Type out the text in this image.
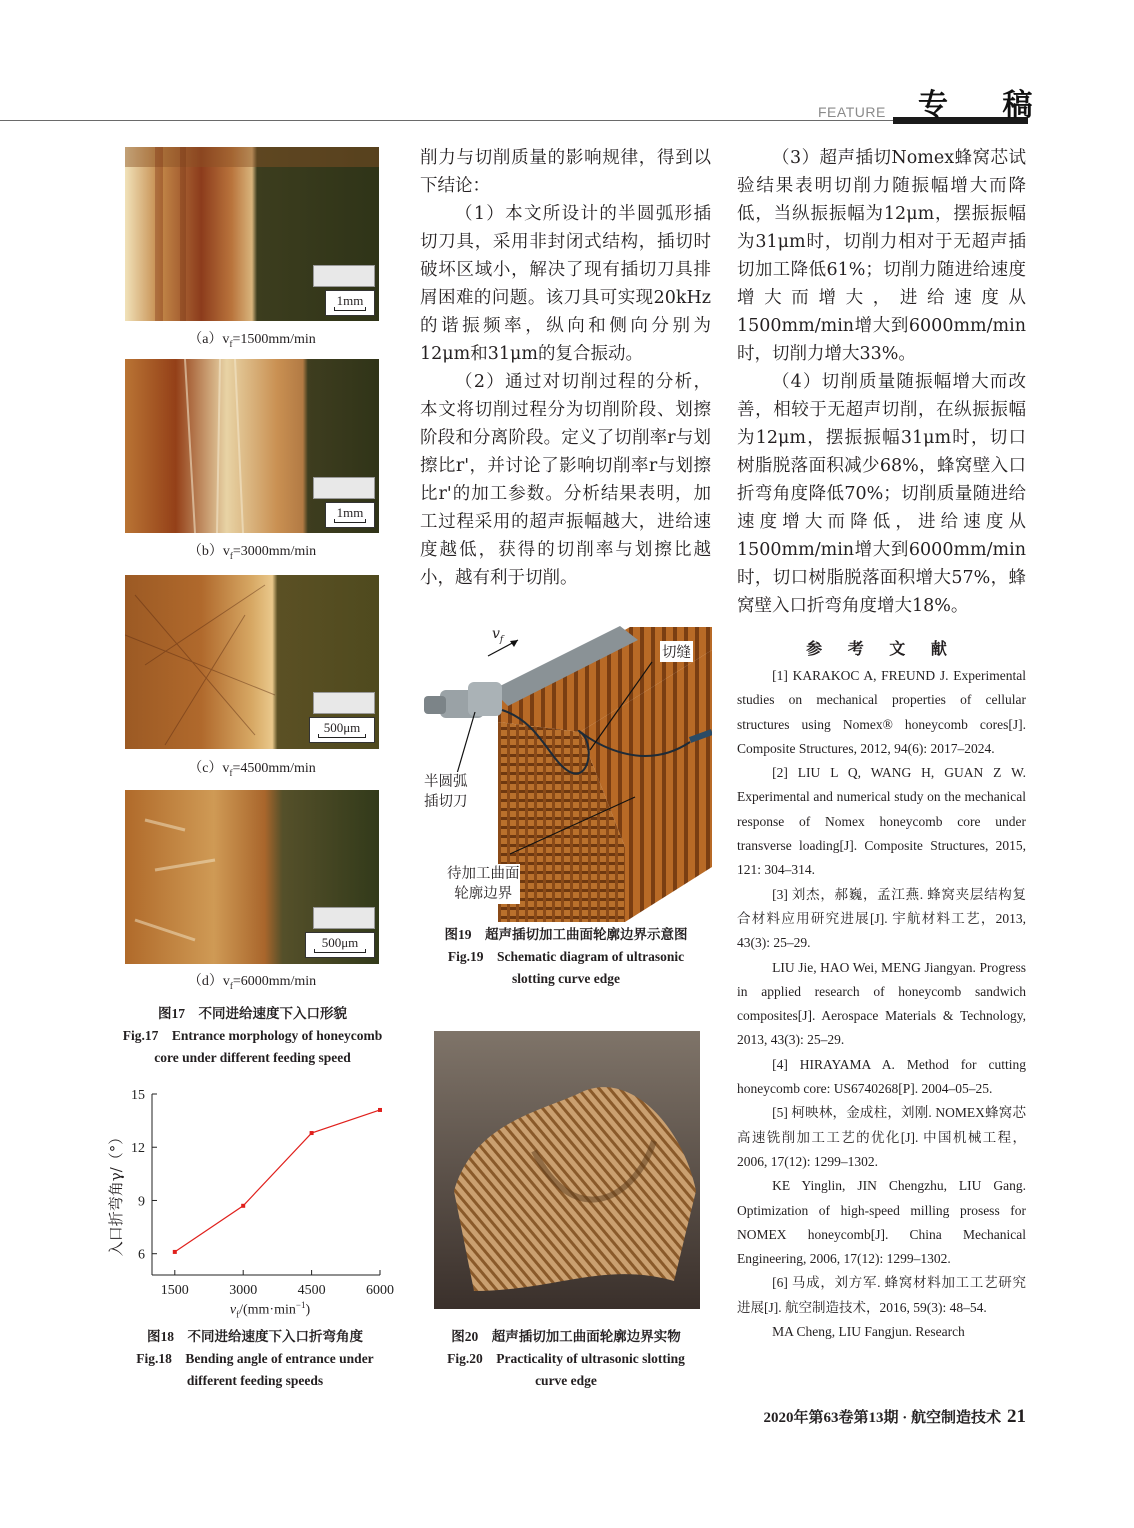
FEATURE 专 稿
1mm
$(a)v_f=1500mm/\min$
1mm
$(b)v_f=3000mm/\min$
500μm
$(c)v_f=4500mm/\min$
500μm
$(d)v_f=6000mm/\min$
图17　不同进给速度下入口形貌
Fig.17　Entrance morphology of honeycomb
core under different feeding speed
6
9
12
15
1500	3000	4500	6000
入口折弯角γ/（°）
$v_f/(mm\cdot\min^{-1})$
图18　不同进给速度下入口折弯角度
Fig.18　Bending angle of entrance under
different feeding speeds

削力与切削质量的影响规律，得到以下结论：

（1）本文所设计的半圆弧形插切刀具，采用非封闭式结构，插切时破坏区域小，解决了现有插切刀具排屑困难的问题。该刀具可实现20kHz的谐振频率，纵向和侧向分别为12μm和31μm的复合振动。

（2）通过对切削过程的分析，本文将切削过程分为切削阶段、划擦阶段和分离阶段。定义了切削率r与划擦比r'，并讨论了影响切削率r与划擦比r'的加工参数。分析结果表明，加工过程采用的超声振幅越大，进给速度越低，获得的切削率与划擦比越小，越有利于切削。

$v_f$
切缝
半圆弧
插切刀
待加工曲面
轮廓边界
图19　超声插切加工曲面轮廓边界示意图
Fig.19　Schematic diagram of ultrasonic
slotting curve edge
图20　超声插切加工曲面轮廓边界实物
Fig.20　Practicality of ultrasonic slotting
curve edge

（3）超声插切Nomex蜂窝芯试验结果表明切削力随振幅增大而降低，当纵振振幅为12μm，摆振振幅为31μm时，切削力相对于无超声插切加工降低61%；切削力随进给速度增大而增大，进给速度从1500mm/min增大到6000mm/min时，切削力增大33%。

（4）切削质量随振幅增大而改善，相较于无超声切削，在纵振振幅为12μm，摆振振幅31μm时，切口树脂脱落面积减少68%，蜂窝壁入口折弯角度降低70%；切削质量随进给速度增大而降低，进给速度从1500mm/min增大到6000mm/min时，切口树脂脱落面积增大57%，蜂窝壁入口折弯角度增大18%。

参 考 文 献

[1] KARAKOC A, FREUND J. Experimental studies on mechanical properties of cellular structures using Nomex® honeycomb cores[J]. Composite Structures, 2012, 94(6): 2017–2024.

[2] LIU L Q, WANG H, GUAN Z W. Experimental and numerical study on the mechanical response of Nomex honeycomb core under transverse loading[J]. Composite Structures, 2015, 121: 304–314.

[3] 刘杰，郝巍，孟江燕. 蜂窝夹层结构复合材料应用研究进展[J]. 宇航材料工艺，2013, 43(3): 25–29.

LIU Jie, HAO Wei, MENG Jiangyan. Progress in applied research of honeycomb sandwich composites[J]. Aerospace Materials & Technology, 2013, 43(3): 25–29.

[4] HIRAYAMA A. Method for cutting honeycomb core: US6740268[P]. 2004–05–25.

[5] 柯映林，金成柱，刘刚. NOMEX蜂窝芯高速铣削加工工艺的优化[J]. 中国机械工程，2006, 17(12): 1299–1302.

KE Yinglin, JIN Chengzhu, LIU Gang. Optimization of high-speed milling prosess for NOMEX honeycomb[J]. China Mechanical Engineering, 2006, 17(12): 1299–1302.

[6] 马成，刘方军. 蜂窝材料加工工艺研究进展[J]. 航空制造技术，2016, 59(3): 48–54.

MA Cheng, LIU Fangjun. Research

2020年第63卷第13期 · 航空制造技术 21
